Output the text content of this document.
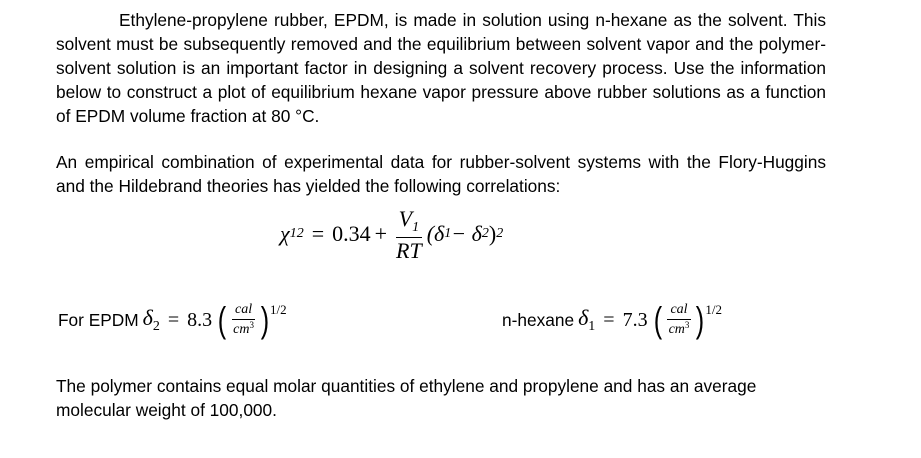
Ethylene-propylene rubber, EPDM, is made in solution using n-hexane as the solvent. This solvent must be subsequently removed and the equilibrium between solvent vapor and the polymer-solvent solution is an important factor in designing a solvent recovery process. Use the information below to construct a plot of equilibrium hexane vapor pressure above rubber solutions as a function of EPDM volume fraction at 80 °C.

An empirical combination of experimental data for rubber-solvent systems with the Flory-Huggins and the Hildebrand theories has yielded the following correlations:

χ $12 = 0.34 + \frac{V_1}{RT} (\delta$ 1 − δ 2 ) 2
For EPDM $\delta_2 = 8.3$ ( $\frac{\text{cal}}{cm^3}$ ) 1/2	n-hexane $\delta_1 = 7.3$ ( $\frac{\text{cal}}{cm^3}$ ) 1/2

The polymer contains equal molar quantities of ethylene and propylene and has an average molecular weight of 100,000.
